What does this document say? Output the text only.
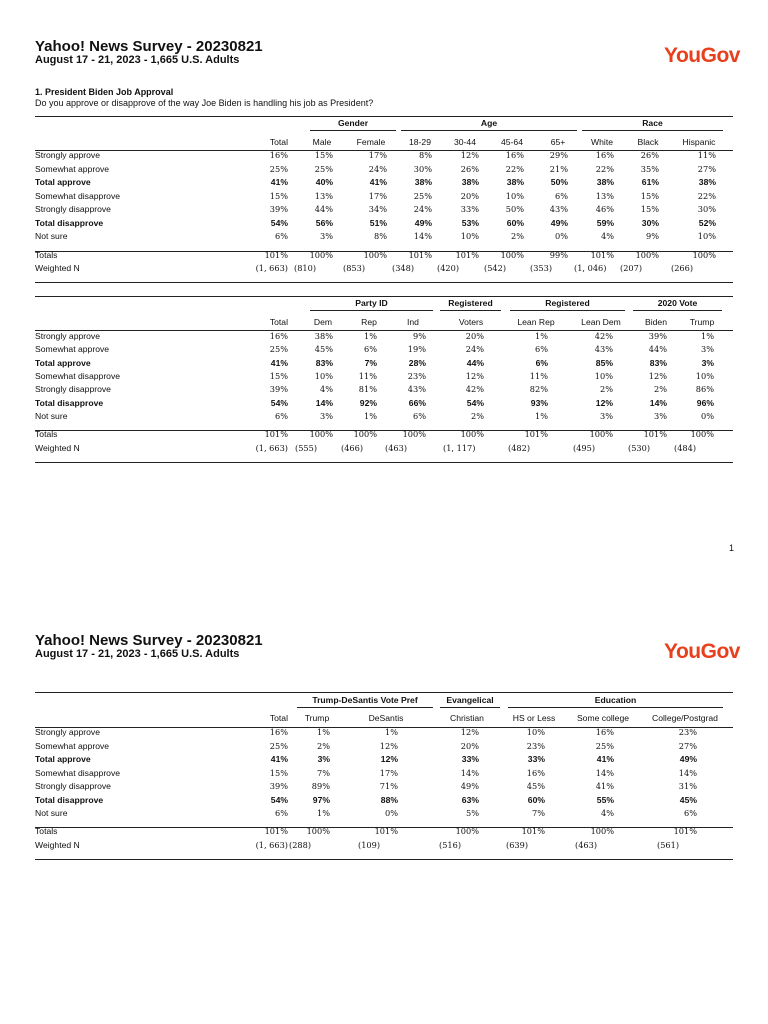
Yahoo! News Survey - 20230821
August 17 - 21, 2023 - 1,665 U.S. Adults	YouGov
1. President Biden Job Approval
Do you approve or disapprove of the way Joe Biden is handling his job as President?
1
Yahoo! News Survey - 20230821
August 17 - 21, 2023 - 1,665 U.S. Adults	YouGov
Gender	Age	Race
Total	Male	Female	18-29	30-44	45-64	65+	White	Black	Hispanic
Strongly approve	16%	15%	17%	8%	12%	16%	29%	16%	26%	11%
Somewhat approve	25%	25%	24%	30%	26%	22%	21%	22%	35%	27%
Total approve	41%	40%	41%	38%	38%	38%	50%	38%	61%	38%
Somewhat disapprove	15%	13%	17%	25%	20%	10%	6%	13%	15%	22%
Strongly disapprove	39%	44%	34%	24%	33%	50%	43%	46%	15%	30%
Total disapprove	54%	56%	51%	49%	53%	60%	49%	59%	30%	52%
Not sure	6%	3%	8%	14%	10%	2%	0%	4%	9%	10%
Totals	101%	100%	100%	101%	101%	100%	99%	101%	100%	100%
Weighted N	(1, 663) (810)	(853)	(348)	(420)	(542)	(353)	(1, 046)	(207)	(266)
Party ID	Registered	Registered	2020 Vote
Total	Dem	Rep	Ind	Voters	Lean Rep	Lean Dem	Biden	Trump
Strongly approve	16%	38%	1%	9%	20%	1%	42%	39%	1%
Somewhat approve	25%	45%	6%	19%	24%	6%	43%	44%	3%
Total approve	41%	83%	7%	28%	44%	6%	85%	83%	3%
Somewhat disapprove	15%	10%	11%	23%	12%	11%	10%	12%	10%
Strongly disapprove	39%	4%	81%	43%	42%	82%	2%	2%	86%
Total disapprove	54%	14%	92%	66%	54%	93%	12%	14%	96%
Not sure	6%	3%	1%	6%	2%	1%	3%	3%	0%
Totals	101%	100%	100%	100%	100%	101%	100%	101%	100%
Weighted N	(1, 663) (555)	(466)	(463)	(1, 117)	(482)	(495)	(530)	(484)
Trump-DeSantis Vote Pref	Evangelical	Education
Total	Trump	DeSantis	Christian	HS or Less	Some college	College/Postgrad
Strongly approve	16%	1%	1%	12%	10%	16%	23%
Somewhat approve	25%	2%	12%	20%	23%	25%	27%
Total approve	41%	3%	12%	33%	33%	41%	49%
Somewhat disapprove	15%	7%	17%	14%	16%	14%	14%
Strongly disapprove	39%	89%	71%	49%	45%	41%	31%
Total disapprove	54%	97%	88%	63%	60%	55%	45%
Not sure	6%	1%	0%	5%	7%	4%	6%
Totals	101%	100%	101%	100%	101%	100%	101%
Weighted N	(1, 663) (288)	(109)	(516)	(639)	(463)	(561)
